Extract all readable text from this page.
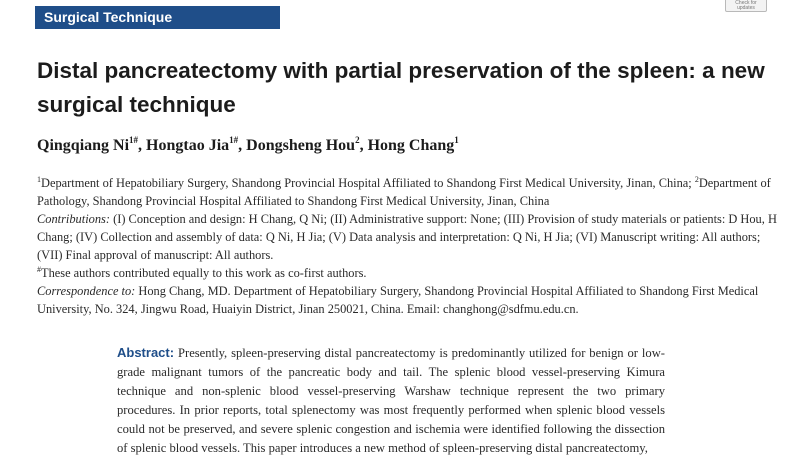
Surgical Technique
Check for updates
Distal pancreatectomy with partial preservation of the spleen: a new surgical technique

Qingqiang $Ni^{1\#}$, Hongtao Jia$^{1\#}$, Dongsheng Hou$^2$, Hong Chang$^1$

$^1$Department of Hepatobiliary Surgery, Shandong Provincial Hospital Affiliated to Shandong First Medical University, Jinan, China; $^2$Department of Pathology, Shandong Provincial Hospital Affiliated to Shandong First Medical University, Jinan, China

Contributions: (I) Conception and design: H Chang, Q Ni; (II) Administrative support: None; (III) Provision of study materials or patients: D Hou, H Chang; (IV) Collection and assembly of data: Q Ni, H Jia; (V) Data analysis and interpretation: Q Ni, H Jia; (VI) Manuscript writing: All authors; (VII) Final approval of manuscript: All authors.

#These authors contributed equally to this work as co-first authors.

Correspondence to: Hong Chang, MD. Department of Hepatobiliary Surgery, Shandong Provincial Hospital Affiliated to Shandong First Medical University, No. 324, Jingwu Road, Huaiyin District, Jinan 250021, China. Email: changhong@sdfmu.edu.cn.

Abstract: Presently, spleen-preserving distal pancreatectomy is predominantly utilized for benign or low-grade malignant tumors of the pancreatic body and tail. The splenic blood vessel-preserving Kimura technique and non-splenic blood vessel-preserving Warshaw technique represent the two primary procedures. In prior reports, total splenectomy was most frequently performed when splenic blood vessels could not be preserved, and severe splenic congestion and ischemia were identified following the dissection of splenic blood vessels. This paper introduces a new method of spleen-preserving distal pancreatectomy,
